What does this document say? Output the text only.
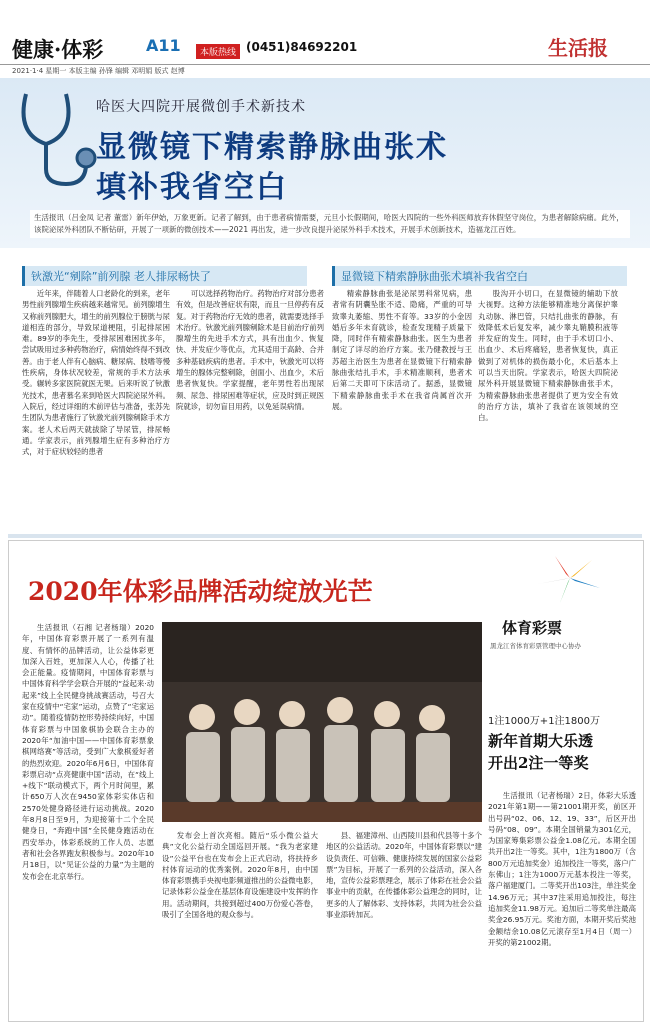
健康·体彩	A11	本版热线 (0451)84692201	生活报
2021·1·4 星期一 本版主编 孙锋 编辑 邓明娟 版式 赵博
哈医大四院开展微创手术新技术
显微镜下精索静脉曲张术
填补我省空白
生活报讯（吕金凤 记者 董雷）新年伊始，万象更新。记者了解到，由于患者病情需要，元旦小长假期间，哈医大四院的一些外科医师放弃休假坚守岗位，为患者解除病痛。此外，该院泌尿外科团队不断钻研，开展了一项新的微创技术——2021 再出发，进一步改良提升泌尿外科手术技术，开展手术创新技术，造福龙江百姓。
钬激光“剜除”前列腺 老人排尿畅快了	显微镜下精索静脉曲张术填补我省空白

近年来，伴随着人口老龄化的到来，老年男性前列腺增生疾病越来越常见。前列腺增生又称前列腺肥大，增生的前列腺位于膀胱与尿道相连的部分，导致尿道梗阻，引起排尿困难。89岁的李先生，受排尿困难困扰多年，尝试吸用过多种药物治疗，病情始终得不到改善。由于老人伴有心脑病、糖尿病、肢嗜等慢性疾病，身体状况较差，常规的手术方法承受。辗转多家医院就医无果。后来听说了钬激光技术，患者慕名来到哈医大四院泌尿外科。入院后，经过详细的术前评估与准备，张苏先生团队为患者施行了钬激光前列腺剜除手术方案。老人术后两天就拔除了导尿管，排尿畅通。学家表示，前列腺增生症有多种治疗方式，对于症状较轻的患者

可以选择药物治疗。药物治疗对部分患者有效，但是改善症状有限，而且一旦停药有反复。对于药物治疗无效的患者，就需要选择手术治疗。钬激光前列腺剜除术是目前治疗前列腺增生的先进手术方式，具有出血少、恢复快、并发症少等优点，尤其适用于高龄、合并多种基础疾病的患者。手术中，钬激光可以将增生的腺体完整剜除，创面小、出血少，术后患者恢复快。学家提醒，老年男性若出现尿频、尿急、排尿困难等症状，应及时到正规医院就诊，切勿盲目用药，以免延误病情。

精索静脉曲张是泌尿男科常见病，患者常有阴囊坠胀不适、隐痛，严重的可导致睾丸萎缩、男性不育等。33岁的小金因婚后多年未育就诊，检查发现精子质量下降，同时伴有精索静脉曲张。医生为患者制定了详尽的治疗方案。张乃健教授与王苏超主治医生为患者在显微镜下行精索静脉曲张结扎手术，手术精准顺利，患者术后第二天即可下床活动了。据悉，显微镜下精索静脉曲张手术在我省尚属首次开展。

股沟开小切口，在显微镜的辅助下放大视野。这种方法能够精准地分离保护睾丸动脉、淋巴管，只结扎曲张的静脉，有效降低术后复发率，减少睾丸鞘膜积液等并发症的发生。同时，由于手术切口小、出血少、术后疼痛轻，患者恢复快，真正做到了对机体的损伤最小化，术后基本上可以当天出院。学家表示，哈医大四院泌尿外科开展显微镜下精索静脉曲张手术，为精索静脉曲张患者提供了更为安全有效的治疗方法，填补了我省在该领域的空白。

2020年体彩品牌活动绽放光芒
体育彩票
黑龙江省体育彩票管理中心协办

生活报讯（石湘 记者杨瑞）2020年，中国体育彩票开展了一系列有温度、有情怀的品牌活动，让公益体彩更加深入百姓，更加深入人心，传播了社会正能量。疫情期间，中国体育彩票与中国体育科学学会联合开展的“益起来·动起来”线上全民健身挑战赛活动，号召大家在疫情中“宅家”运动，点赞了“宅家运动”。随着疫情防控形势持续向好，中国体育彩票与中国象棋协会联合主办的2020年“加油中国——中国体育彩票象棋网络赛”等活动，受到广大象棋爱好者的热烈欢迎。2020年6月6日，中国体育彩票启动“点亮健康中国”活动，在“线上+线下”联动模式下，两个月时间里，累计650万人次在9450家体彩实体店和2570处健身路径进行运动挑战。2020年8月8日至9月，为迎接第十二个全民健身日，“奔跑中国”全民健身跑活动在西安举办，体彩系统的工作人员、志愿者和社会各界跑友积极参与。2020年10月18日，以“见证公益的力量”为主题的发布会在北京举行。

发布会上首次亮相。随后“乐小微公益大典”文化公益行动全国巡回开展。“我为老家建设”公益平台也在发布会上正式启动，将扶持乡村体育运动的优秀案例。2020年8月，由中国体育彩票携手央视电影频道推出的公益微电影，记录体彩公益金在基层体育设施建设中发挥的作用。活动期间，共接到超过400万份爱心答卷，吸引了全国各地的观众参与。

县、福建漳州、山西陵川县和代县等十多个地区的公益活动。2020年，中国体育彩票以“建设负责任、可信赖、健康持续发展的国家公益彩票”为目标，开展了一系列的公益活动，深入各地，宣传公益彩票理念，展示了体彩在社会公益事业中的贡献，在传播体彩公益理念的同时，让更多的人了解体彩、支持体彩，共同为社会公益事业添砖加瓦。

1注1000万+1注1800万
新年首期大乐透
开出2注一等奖

生活报讯（记者杨瑞）2日，体彩大乐透2021年第1期——第21001期开奖，前区开出号码“02、06、12、19、33”，后区开出号码“08、09”。本期全国销量为301亿元，为国家筹集彩票公益金1.08亿元。本期全国共开出2注一等奖。其中，1注为1800万（含800万元追加奖金）追加投注一等奖，落户广东佛山；1注为1000万元基本投注一等奖，落户福建厦门。二等奖开出103注，单注奖金14.96万元；其中37注采用追加投注，每注追加奖金11.98万元。追加后二等奖单注最高奖金26.95万元。奖池方面，本期开奖后奖池金额结余10.08亿元滚存至1月4日（周一）开奖的第21002期。
